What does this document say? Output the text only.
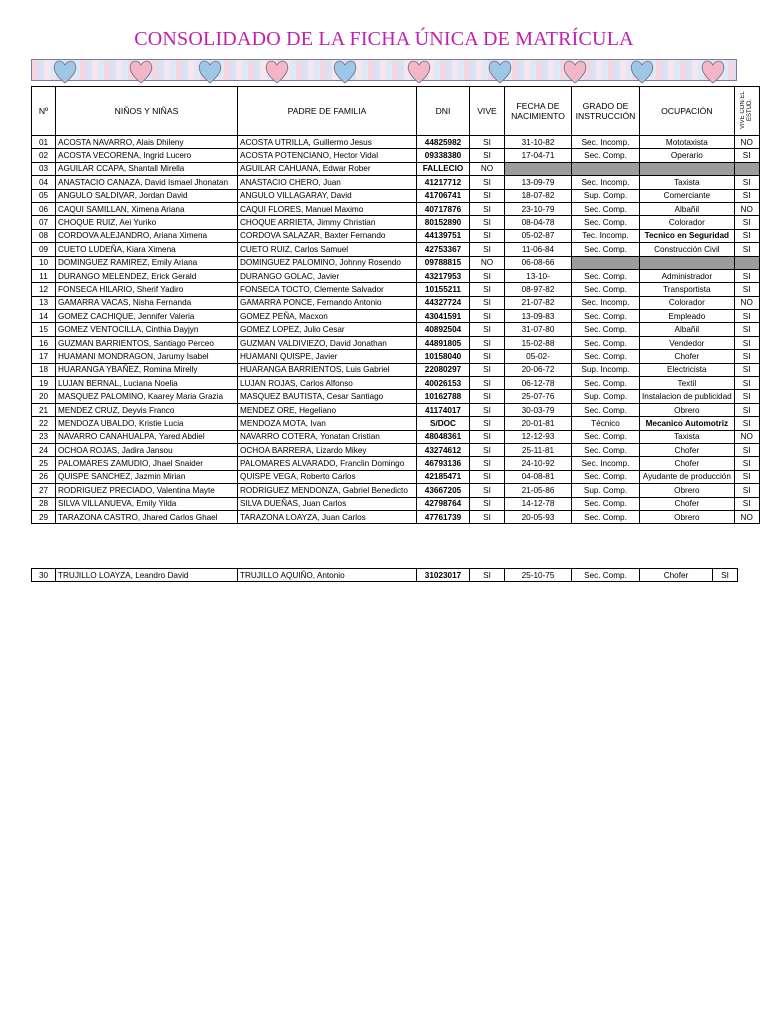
CONSOLIDADO DE LA FICHA ÚNICA DE MATRÍCULA
Nº	NIÑOS Y NIÑAS	PADRE DE FAMILIA	DNI	VIVE	FECHA DE NACIMIENTO	GRADO DE INSTRUCCIÓN	OCUPACIÓN	VIVE CON EL ESTUD.
01	ACOSTA NAVARRO, Alais Dhileny	ACOSTA UTRILLA, Guillermo Jesus	44825982	SI	31-10-82	Sec. Incomp.	Mototaxista	NO
02	ACOSTA VECORENA, Ingrid Lucero	ACOSTA POTENCIANO, Hector Vidal	09338380	SI	17-04-71	Sec. Comp.	Operario	SI
03	AGUILAR CCAPA, Shantall Mirella	AGUILAR CAHUANA, Edwar Rober	FALLECIO	NO				
04	ANASTACIO CANAZA, David Ismael Jhonatan	ANASTACIO CHERO, Juan	41217712	SI	13-09-79	Sec. Incomp.	Taxista	SI
05	ANGULO SALDIVAR, Jordan David	ANGULO VILLAGARAY, David	41706741	SI	18-07-82	Sup. Comp.	Comerciante	SI
06	CAQUI SAMILLAN, Ximena Ariana	CAQUI FLORES, Manuel Maximo	40717876	SI	23-10-79	Sec. Comp.	Albañil	NO
07	CHOQUE RUIZ, Aei Yuriko	CHOQUE ARRIETA, Jimmy Christian	80152890	SI	08-04-78	Sec. Comp.	Colorador	SI
08	CORDOVA ALEJANDRO, Ariana Ximena	CORDOVA SALAZAR, Baxter Fernando	44139751	SI	05-02-87	Tec. Incomp.	Tecnico en Seguridad	SI
09	CUETO LUDEÑA, Kiara Ximena	CUETO RUIZ, Carlos Samuel	42753367	SI	11-06-84	Sec. Comp.	Construcción Civil	SI
10	DOMINGUEZ RAMIREZ, Emily Ariana	DOMINGUEZ PALOMINO, Johnny Rosendo	09788815	NO	06-08-66			
11	DURANGO MELENDEZ, Erick Gerald	DURANGO GOLAC, Javier	43217953	SI	13-10-	Sec. Comp.	Administrador	SI
12	FONSECA HILARIO, Sherif Yadiro	FONSECA TOCTO, Clemente Salvador	10155211	SI	08-97-82	Sec. Comp.	Transportista	SI
13	GAMARRA VACAS, Nisha Fernanda	GAMARRA PONCE, Fernando Antonio	44327724	SI	21-07-82	Sec. Incomp.	Colorador	NO
14	GOMEZ CACHIQUE, Jennifer Valeria	GOMEZ PEÑA, Macxon	43041591	SI	13-09-83	Sec. Comp.	Empleado	SI
15	GOMEZ VENTOCILLA, Cinthia Dayjyn	GOMEZ LOPEZ, Julio Cesar	40892504	SI	31-07-80	Sec. Comp.	Albañil	SI
16	GUZMAN BARRIENTOS, Santiago Perceo	GUZMAN VALDIVIEZO, David Jonathan	44891805	SI	15-02-88	Sec. Comp.	Vendedor	SI
17	HUAMANI MONDRAGON, Jarumy Isabel	HUAMANI QUISPE, Javier	10158040	SI	05-02-	Sec. Comp.	Chofer	SI
18	HUARANGA YBAÑEZ, Romina Mirelly	HUARANGA BARRIENTOS, Luis Gabriel	22080297	SI	20-06-72	Sup. Incomp.	Electricista	SI
19	LUJAN BERNAL, Luciana Noelia	LUJAN ROJAS, Carlos Alfonso	40026153	SI	06-12-78	Sec. Comp.	Textil	SI
20	MASQUEZ PALOMINO, Kaarey Maria Grazia	MASQUEZ BAUTISTA, Cesar Santiago	10162788	SI	25-07-76	Sup. Comp.	Instalacion de publicidad	SI
21	MENDEZ CRUZ, Deyvis Franco	MENDEZ ORE, Hegeliano	41174017	SI	30-03-79	Sec. Comp.	Obrero	SI
22	MENDOZA UBALDO, Kristie Lucia	MENDOZA MOTA, Ivan	S/DOC	SI	20-01-81	Técnico	Mecanico Automotriz	SI
23	NAVARRO CANAHUALPA, Yared Abdiel	NAVARRO COTERA, Yonatan Cristian	48048361	SI	12-12-93	Sec. Comp.	Taxista	NO
24	OCHOA ROJAS, Jadira Jansou	OCHOA BARRERA, Lizardo Mikey	43274612	SI	25-11-81	Sec. Comp.	Chofer	SI
25	PALOMARES ZAMUDIO, Jhael Snaider	PALOMARES ALVARADO, Franclin Domingo	46793136	SI	24-10-92	Sec. Incomp.	Chofer	SI
26	QUISPE SANCHEZ, Jazmin Mirian	QUISPE VEGA, Roberto Carlos	42185471	SI	04-08-81	Sec. Comp.	Ayudante de producción	SI
27	RODRIGUEZ PRECIADO, Valentina Mayte	RODRIGUEZ MENDONZA, Gabriel Benedicto	43667205	SI	21-05-86	Sup. Comp.	Obrero	SI
28	SILVA VILLANUEVA, Emily Yilda	SILVA DUEÑAS, Juan Carlos	42798764	SI	14-12-78	Sec. Comp.	Chofer	SI
29	TARAZONA CASTRO, Jhared Carlos Ghael	TARAZONA LOAYZA, Juan Carlos	47761739	SI	20-05-93	Sec. Comp.	Obrero	NO
30	TRUJILLO LOAYZA, Leandro David	TRUJILLO AQUIÑO, Antonio	31023017	SI	25-10-75	Sec. Comp.	Chofer	SI
